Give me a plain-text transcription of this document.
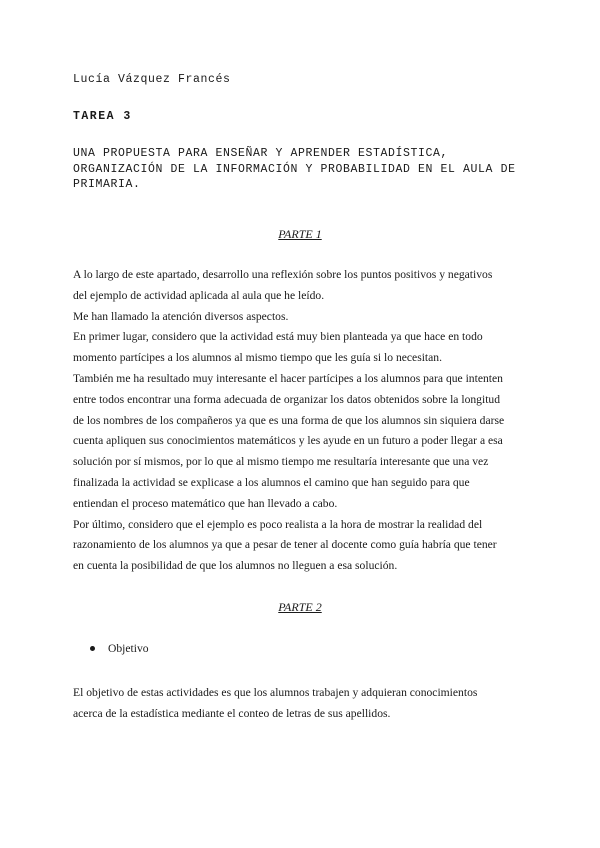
Lucía Vázquez Francés
TAREA 3
UNA PROPUESTA PARA ENSEÑAR Y APRENDER ESTADÍSTICA,
ORGANIZACIÓN DE LA INFORMACIÓN Y PROBABILIDAD EN EL AULA DE
PRIMARIA.
PARTE 1
A lo largo de este apartado, desarrollo una reflexión sobre los puntos positivos y negativos
del ejemplo de actividad aplicada al aula que he leído.
Me han llamado la atención diversos aspectos.
En primer lugar, considero que la actividad está muy bien planteada ya que hace en todo
momento partícipes a los alumnos al mismo tiempo que les guía si lo necesitan.
También me ha resultado muy interesante el hacer partícipes a los alumnos para que intenten
entre todos encontrar una forma adecuada de organizar los datos obtenidos sobre la longitud
de los nombres de los compañeros ya que es una forma de que los alumnos sin siquiera darse
cuenta apliquen sus conocimientos matemáticos y les ayude en un futuro a poder llegar a esa
solución por sí mismos, por lo que al mismo tiempo me resultaría interesante que una vez
finalizada la actividad se explicase a los alumnos el camino que han seguido para que
entiendan el proceso matemático que han llevado a cabo.
Por último, considero que el ejemplo es poco realista a la hora de mostrar la realidad del
razonamiento de los alumnos ya que a pesar de tener al docente como guía habría que tener
en cuenta la posibilidad de que los alumnos no lleguen a esa solución.
PARTE 2
Objetivo
El objetivo de estas actividades es que los alumnos trabajen y adquieran conocimientos
acerca de la estadística mediante el conteo de letras de sus apellidos.
